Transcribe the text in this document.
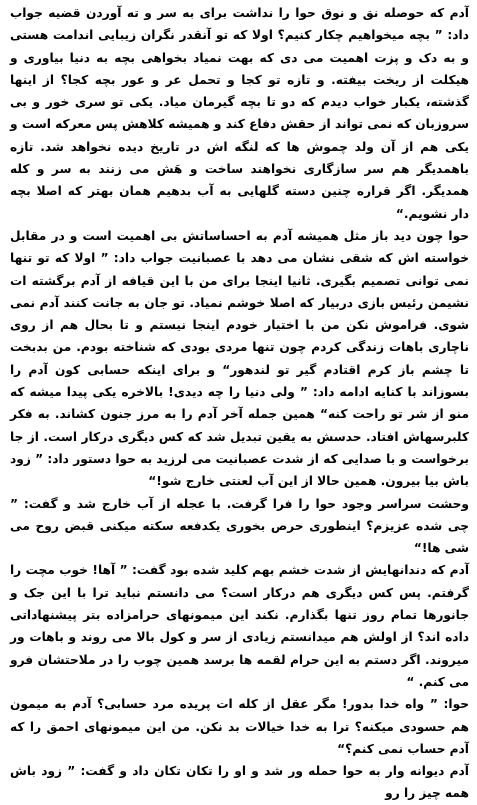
آدم که حوصله نق و نوق حوا را نداشت برای به سر و ته آوردن قضیه جواب داد: ” بچه میخواهیم چکار کنیم؟ اولا که تو آنقدر نگران زیبایی اندامت هستی و به دک و پزت اهمیت می دی که بهت نمیاد بخواهی بچه به دنیا بیاوری و هیکلت از ریخت بیفته. و تازه تو کجا و تحمل عر و عور بچه کجا؟ از اینها گذشته، یکبار خواب دیدم که دو تا بچه گیرمان میاد. یکی تو سری خور و بی سروزبان که نمی تواند از حقش دفاع کند و همیشه کلاهش پس معرکه است و یکی هم از آن ولد چموش ها که لنگه اش در تاریخ دیده نخواهد شد. تازه باهمدیگر هم سر سازگاری نخواهند ساخت و هَش می زنند به سر و کله همدیگر. اگر قراره چنین دسته گلهایی به آب بدهیم همان بهتر که اصلا بچه دار نشویم.“
حوا چون دید باز مثل همیشه آدم به احساساتش بی اهمیت است و در مقابل خواسته اش که شقی نشان می دهد با عصبانیت جواب داد: ” اولا که تو تنها نمی توانی تصمیم بگیری. ثانیا اینجا برای من با این قیافه از آدم برگشته ات نشیمن رئیس بازی دربیار که اصلا خوشم نمیاد. تو جان به جانت کنند آدم نمی شوی. فراموش نکن من با اختیار خودم اینجا نیستم و تا بحال هم از روی ناچاری باهات زندگی کردم چون تنها مردی بودی که شناخته بودم. من بدبخت تا چشم باز کرم اقتادم گیر تو لندهور“ و برای اینکه حسابی کون آدم را بسوزاند با کنایه ادامه داد: ” ولی دنیا را چه دیدی! بالاخره یکی پیدا میشه که منو از شر تو راحت کنه“ همین جمله آخر آدم را به مرز جنون کشاند. به فکر کلبرسهاش افتاد. حدسش به یقین تبدیل شد که کس دیگری درکار است. از جا برخواست و با صدایی که از شدت عصبانیت می لرزید به حوا دستور داد: ” زود باش بیا بیرون. همین حالا از این آب لعنتی خارج شو!“
وحشت سراسر وجود حوا را فرا گرفت. با عجله از آب خارج شد و گفت: ” چی شده عزیزم؟ اینطوری حرص بخوری یکدفعه سکته میکنی قبض روح می شی ها!“
آدم که دندانهایش از شدت خشم بهم کلید شده بود گفت: ” آها! خوب مچت را گرفتم. پس کس دیگری هم درکار است؟ می دانستم نباید ترا با این جک و جانورها تمام روز تنها بگذارم. نکند این میمونهای حرامزاده بتر پیشنهاداتی داده اند؟ از اولش هم میدانستم زیادی از سر و کول بالا می روند و باهات ور میروند. اگر دستم به این حرام لقمه ها برسد همین چوب را در ملاحتشان فرو می کنم. “
حوا: ” واه خدا بدور! مگر عقل از کله ات پریده مرد حسابی؟ آدم به میمون هم حسودی میکنه؟ ترا به خدا خیالات بد نکن. من این میمونهای احمق را که آدم حساب نمی کنم؟“
آدم دیوانه وار به حوا حمله ور شد و او را تکان تکان داد و گفت: ” زود باش همه چیز را رو
